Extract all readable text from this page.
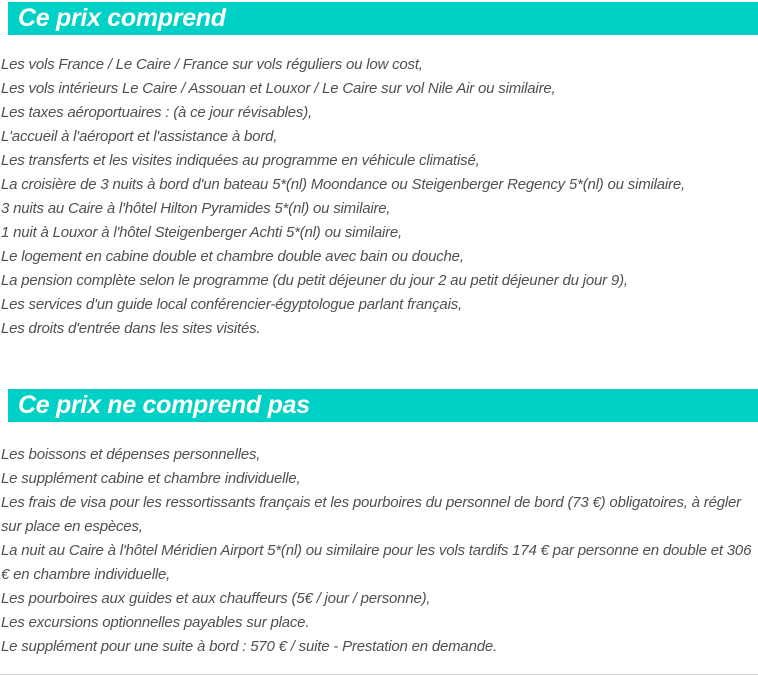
Ce prix comprend

Les vols France / Le Caire / France sur vols réguliers ou low cost,

Les vols intérieurs Le Caire / Assouan et Louxor / Le Caire sur vol Nile Air ou similaire,

Les taxes aéroportuaires : (à ce jour révisables),

L'accueil à l'aéroport et l'assistance à bord,

Les transferts et les visites indiquées au programme en véhicule climatisé,

La croisière de 3 nuits à bord d'un bateau 5*(nl) Moondance ou Steigenberger Regency 5*(nl) ou similaire,

3 nuits au Caire à l'hôtel Hilton Pyramides 5*(nl) ou similaire,

1 nuit à Louxor à l'hôtel Steigenberger Achti 5*(nl) ou similaire,

Le logement en cabine double et chambre double avec bain ou douche,

La pension complète selon le programme (du petit déjeuner du jour 2 au petit déjeuner du jour 9),

Les services d'un guide local conférencier-égyptologue parlant français,

Les droits d'entrée dans les sites visités.

Ce prix ne comprend pas

Les boissons et dépenses personnelles,

Le supplément cabine et chambre individuelle,

Les frais de visa pour les ressortissants français et les pourboires du personnel de bord (73 €) obligatoires, à régler sur place en espèces,

La nuit au Caire à l'hôtel Méridien Airport 5*(nl) ou similaire pour les vols tardifs 174 € par personne en double et 306 € en chambre individuelle,

Les pourboires aux guides et aux chauffeurs (5€ / jour / personne),

Les excursions optionnelles payables sur place.

Le supplément pour une suite à bord : 570 € / suite - Prestation en demande.
